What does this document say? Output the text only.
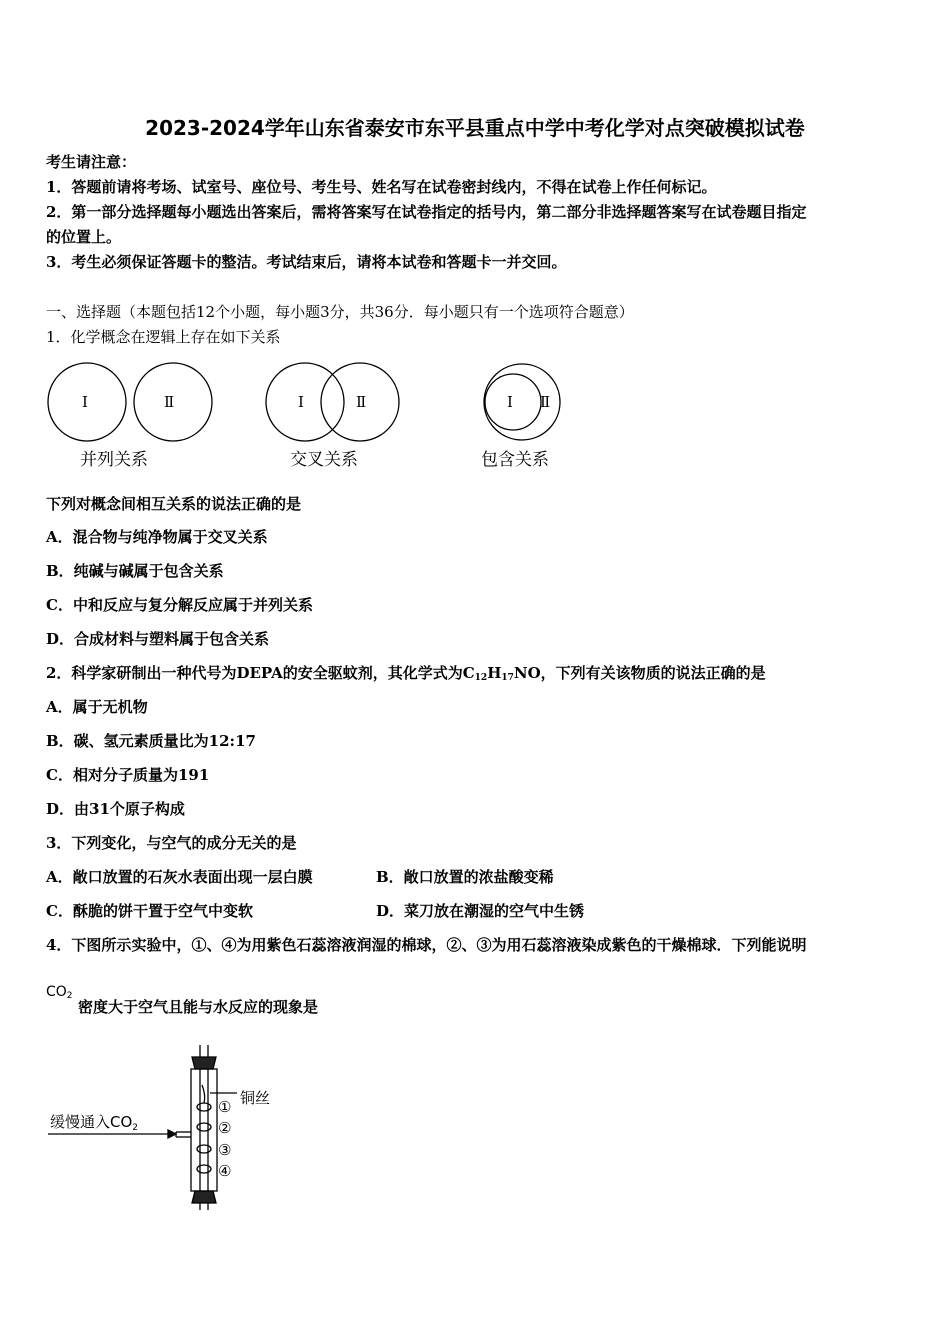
2023-2024学年山东省泰安市东平县重点中学中考化学对点突破模拟试卷
考生请注意：
1．答题前请将考场、试室号、座位号、考生号、姓名写在试卷密封线内，不得在试卷上作任何标记。
2．第一部分选择题每小题选出答案后，需将答案写在试卷指定的括号内，第二部分非选择题答案写在试卷题目指定
的位置上。
3．考生必须保证答题卡的整洁。考试结束后，请将本试卷和答题卡一并交回。
一、选择题（本题包括12个小题，每小题3分，共36分．每小题只有一个选项符合题意）
1．化学概念在逻辑上存在如下关系
Ⅰ	Ⅱ	Ⅰ	Ⅱ	Ⅰ Ⅱ
并列关系	交叉关系	包含关系
下列对概念间相互关系的说法正确的是
A．混合物与纯净物属于交叉关系
B．纯碱与碱属于包含关系
C．中和反应与复分解反应属于并列关系
D．合成材料与塑料属于包含关系
2．科学家研制出一种代号为DEPA的安全驱蚊剂，其化学式为$C_{12}H_{17}NO$，下列有关该物质的说法正确的是
A．属于无机物
B．碳、氢元素质量比为12:17
C．相对分子质量为191
D．由31个原子构成
3．下列变化，与空气的成分无关的是
A．敞口放置的石灰水表面出现一层白膜	B．敞口放置的浓盐酸变稀
C．酥脆的饼干置于空气中变软	D．菜刀放在潮湿的空气中生锈
4．下图所示实验中，①、④为用紫色石蕊溶液润湿的棉球，②、③为用石蕊溶液染成紫色的干燥棉球．下列能说明
$CO_2$
密度大于空气且能与水反应的现象是
缓慢通入$CO_2$
铜丝
①
②
③
④
